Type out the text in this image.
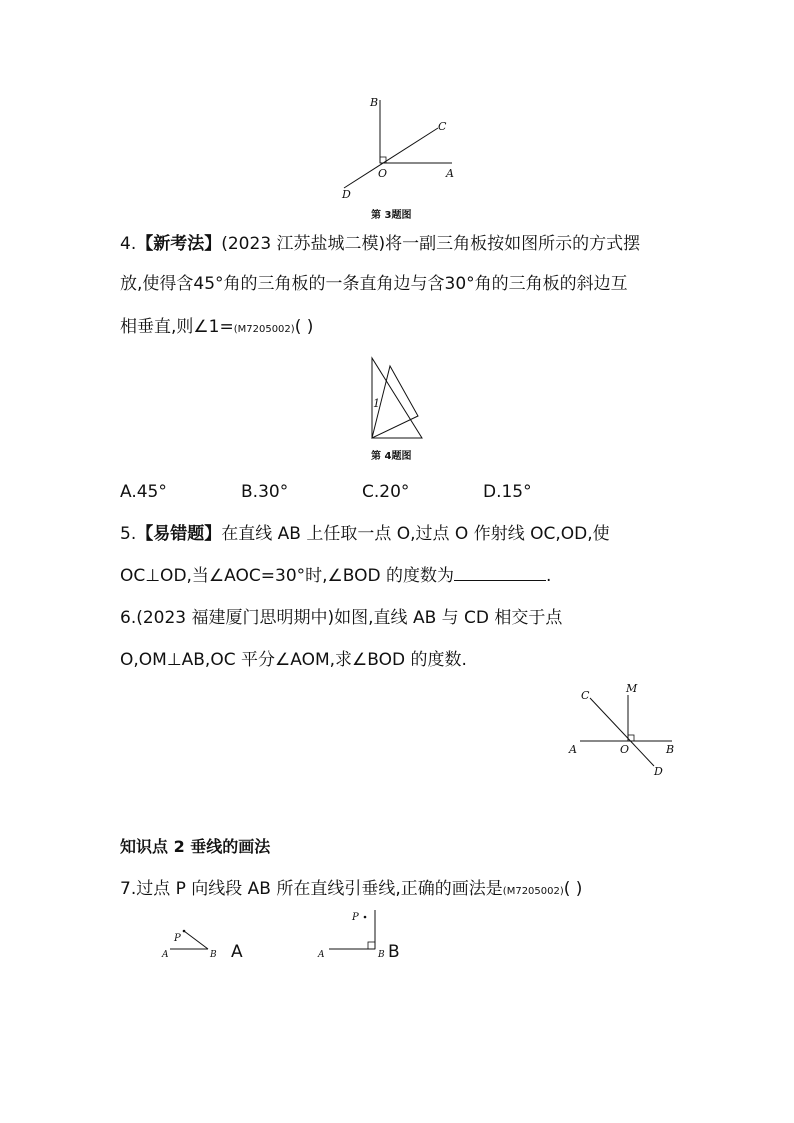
B
C
O	A
D
第 3题图
4.【新考法】(2023 江苏盐城二模)将一副三角板按如图所示的方式摆
放,使得含45°角的三角板的一条直角边与含30°角的三角板的斜边互
相垂直,则∠1=(M7205002)( )
1
第 4题图
A.45°	B.30°	C.20°	D.15°
5.【易错题】在直线 AB 上任取一点 O,过点 O 作射线 OC,OD,使
OC⊥OD,当∠AOC=30°时,∠BOD 的度数为	.
6.(2023 福建厦门思明期中)如图,直线 AB 与 CD 相交于点
O,OM⊥AB,OC 平分∠AOM,求∠BOD 的度数.
C
M
A	O	B
D
知识点 2 垂线的画法
7.过点 P 向线段 AB 所在直线引垂线,正确的画法是(M7205002)( )
P
A	B A
P
A	B B
